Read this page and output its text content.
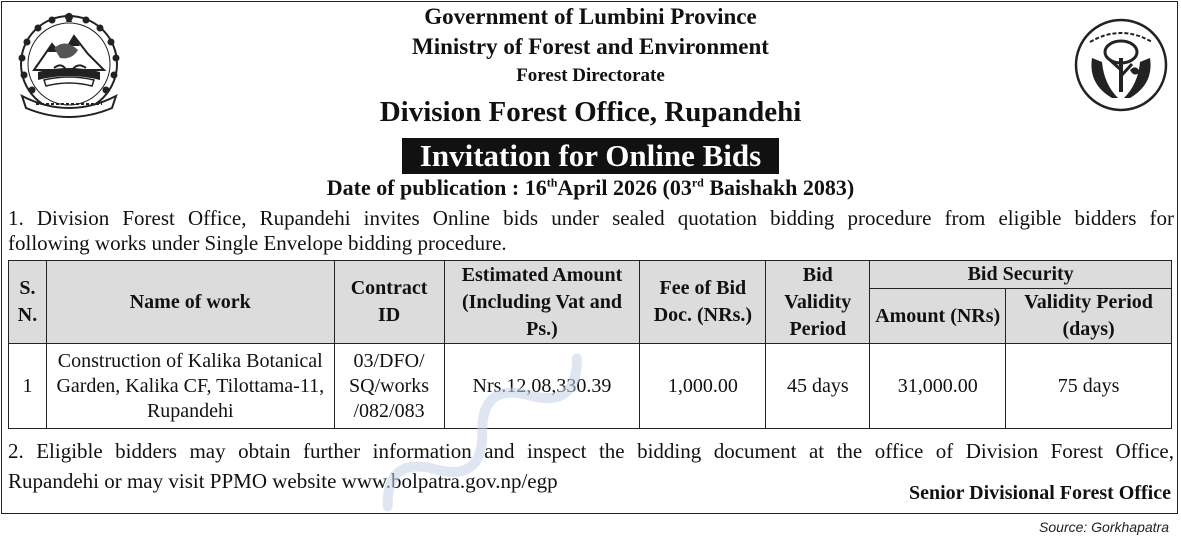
Government of Lumbini Province
Ministry of Forest and Environment
Forest Directorate
Division Forest Office, Rupandehi
Invitation for Online Bids
Date of publication : 16thApril 2026 (03rd Baishakh 2083)
1. Division Forest Office, Rupandehi invites Online bids under sealed quotation bidding procedure from eligible bidders for
following works under Single Envelope bidding procedure.
S. N.	Name of work	Contract ID	Estimated Amount (Including Vat and Ps.)	Fee of Bid Doc. (NRs.)	Bid Validity Period	Bid Security	
						Amount (NRs)	Validity Period (days)
1	Construction of Kalika Botanical Garden, Kalika CF, Tilottama-11, Rupandehi	03/DFO/ SQ/works /082/083	Nrs.12,08,330.39	1,000.00	45 days	31,000.00	75 days
2. Eligible bidders may obtain further information and inspect the bidding document at the office of Division Forest Office,
Rupandehi or may visit PPMO website www.bolpatra.gov.np/egp	Senior Divisional Forest Office
Source: Gorkhapatra
